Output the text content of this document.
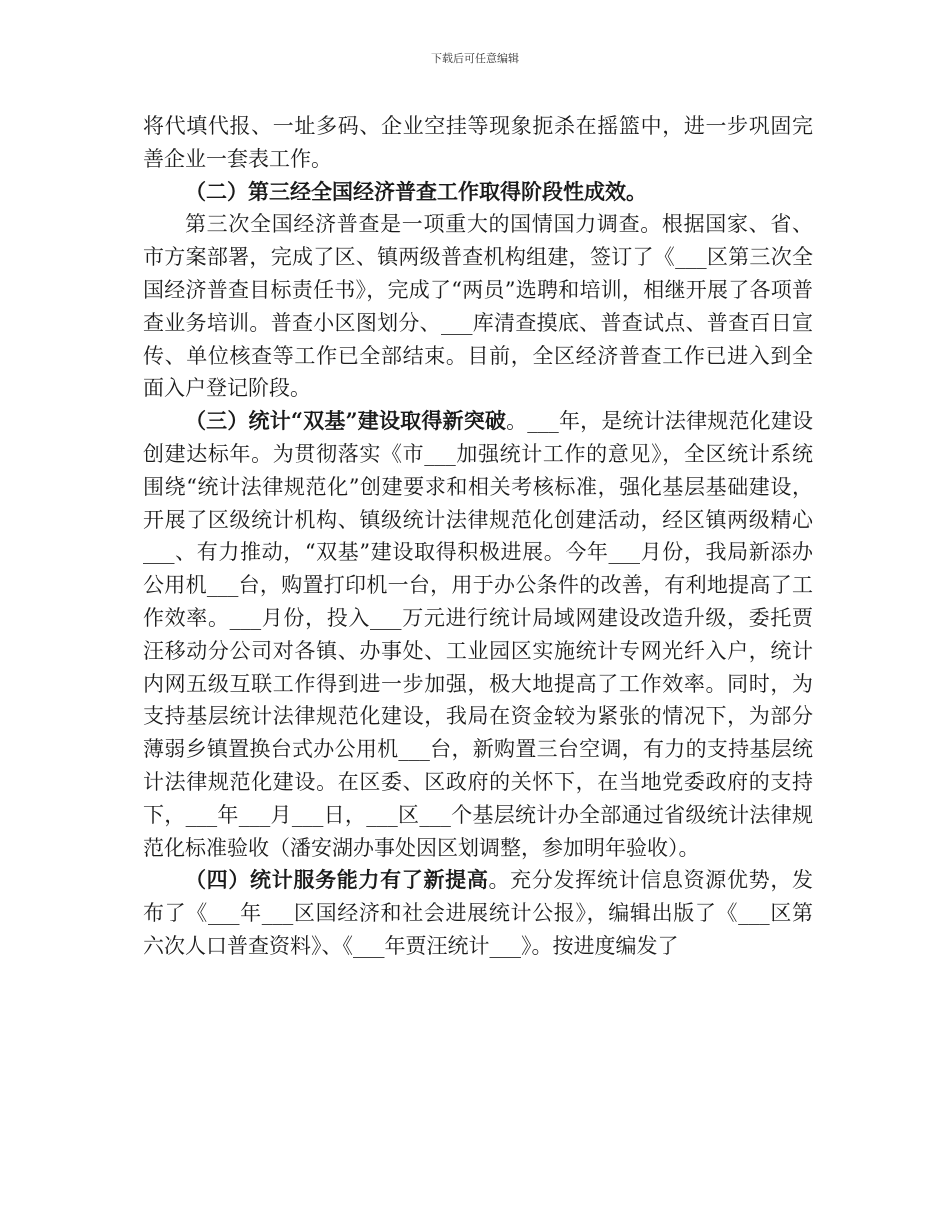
下载后可任意编辑

将代填代报、一址多码、企业空挂等现象扼杀在摇篮中，进一步巩固完善企业一套表工作。

（二）第三经全国经济普查工作取得阶段性成效。

第三次全国经济普查是一项重大的国情国力调查。根据国家、省、市方案部署，完成了区、镇两级普查机构组建，签订了《___区第三次全国经济普查目标责任书》，完成了“两员”选聘和培训，相继开展了各项普查业务培训。普查小区图划分、___库清查摸底、普查试点、普查百日宣传、单位核查等工作已全部结束。目前，全区经济普查工作已进入到全面入户登记阶段。

（三）统计“双基”建设取得新突破。___年，是统计法律规范化建设创建达标年。为贯彻落实《市___加强统计工作的意见》，全区统计系统围绕“统计法律规范化”创建要求和相关考核标准，强化基层基础建设，开展了区级统计机构、镇级统计法律规范化创建活动，经区镇两级精心___、有力推动，“双基”建设取得积极进展。今年___月份，我局新添办公用机___台，购置打印机一台，用于办公条件的改善，有利地提高了工作效率。___月份，投入___万元进行统计局域网建设改造升级，委托贾汪移动分公司对各镇、办事处、工业园区实施统计专网光纤入户，统计内网五级互联工作得到进一步加强，极大地提高了工作效率。同时，为支持基层统计法律规范化建设，我局在资金较为紧张的情况下，为部分薄弱乡镇置换台式办公用机___台，新购置三台空调，有力的支持基层统计法律规范化建设。在区委、区政府的关怀下，在当地党委政府的支持下，___年___月___日，___区___个基层统计办全部通过省级统计法律规范化标准验收（潘安湖办事处因区划调整，参加明年验收）。

（四）统计服务能力有了新提高。充分发挥统计信息资源优势，发布了《___年___区国经济和社会进展统计公报》，编辑出版了《___区第六次人口普查资料》、《___年贾汪统计___》。按进度编发了
